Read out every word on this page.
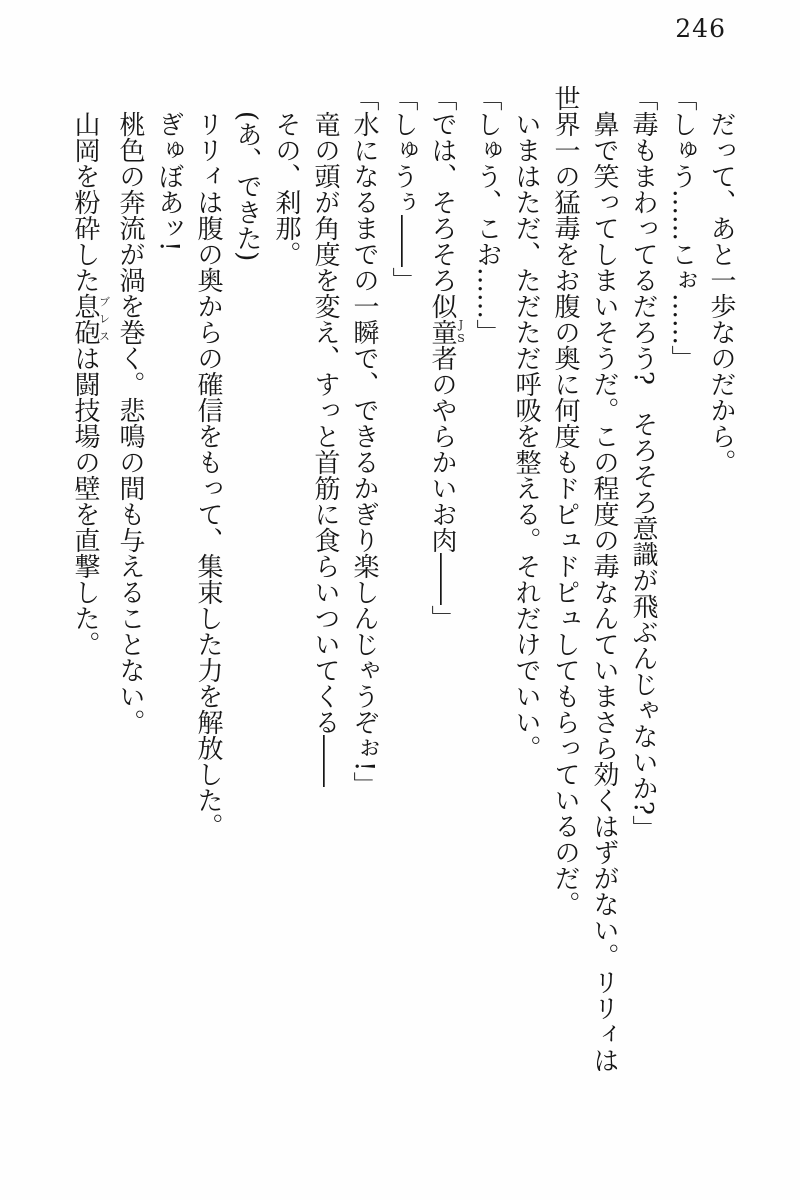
246

だって、あと一歩なのだから。

「しゅう……こぉ……」

「毒もまわってるだろう?　そろそろ意識が飛ぶんじゃないか?」

鼻で笑ってしまいそうだ。この程度の毒なんていまさら効くはずがない。リリィは世界一の猛毒をお腹の奥に何度もドピュドピュしてもらっているのだ。

いまはただ、ただただ呼吸を整える。それだけでいい。

「しゅう、こお……」

「では、そろそろ似童者JSのやらかいお肉――」

「しゅうぅ――」

「水になるまでの一瞬で、できるかぎり楽しんじゃうぞぉ!」

竜の頭が角度を変え、すっと首筋に食らいついてくる――

その、刹那。

(あ、できた)

リリィは腹の奥からの確信をもって、集束した力を解放した。

ぎゅぼあッ!

桃色の奔流が渦を巻く。悲鳴の間も与えることない。

山岡を粉砕した息砲ブレスは闘技場の壁を直撃した。
